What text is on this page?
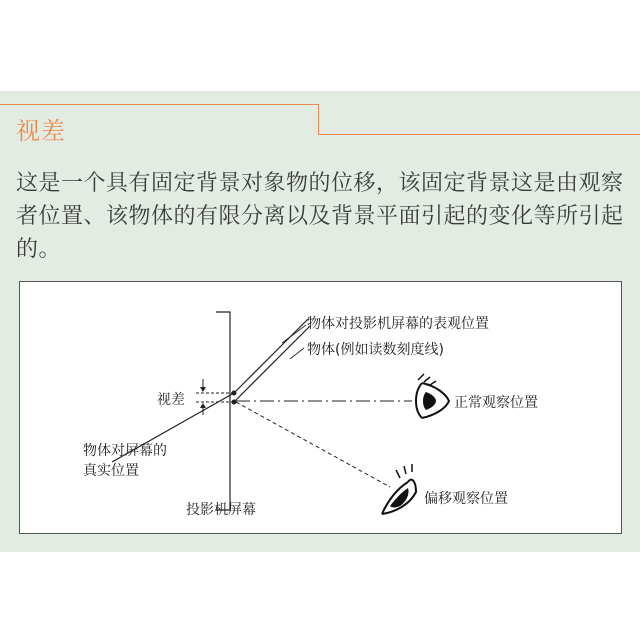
视差

这是一个具有固定背景对象物的位移，该固定背景这是由观察者位置、该物体的有限分离以及背景平面引起的变化等所引起的。

物体对投影机屏幕的表观位置
物体(例如读数刻度线)
视差	正常观察位置
物体对屏幕的
真实位置
投影机屏幕
偏移观察位置
